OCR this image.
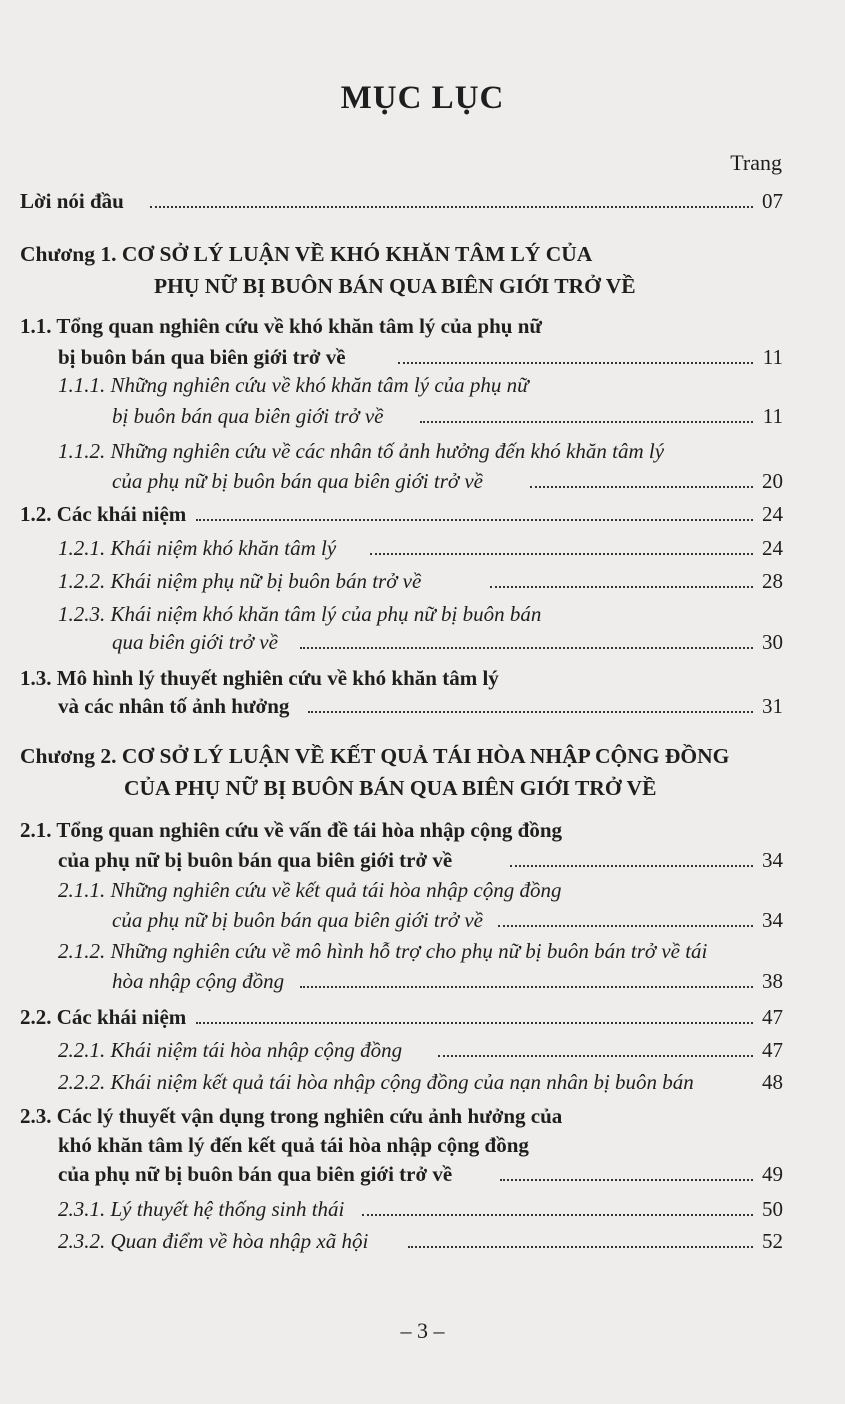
MỤC LỤC
Trang
Lời nói đầu	07
Chương 1. CƠ SỞ LÝ LUẬN VỀ KHÓ KHĂN TÂM LÝ CỦA
PHỤ NỮ BỊ BUÔN BÁN QUA BIÊN GIỚI TRỞ VỀ
1.1. Tổng quan nghiên cứu về khó khăn tâm lý của phụ nữ
bị buôn bán qua biên giới trở về	11
1.1.1. Những nghiên cứu về khó khăn tâm lý của phụ nữ
bị buôn bán qua biên giới trở về	11
1.1.2. Những nghiên cứu về các nhân tố ảnh hưởng đến khó khăn tâm lý
của phụ nữ bị buôn bán qua biên giới trở về	20
1.2. Các khái niệm	24
1.2.1. Khái niệm khó khăn tâm lý	24
1.2.2. Khái niệm phụ nữ bị buôn bán trở về	28
1.2.3. Khái niệm khó khăn tâm lý của phụ nữ bị buôn bán
qua biên giới trở về	30
1.3. Mô hình lý thuyết nghiên cứu về khó khăn tâm lý
và các nhân tố ảnh hưởng	31
Chương 2. CƠ SỞ LÝ LUẬN VỀ KẾT QUẢ TÁI HÒA NHẬP CỘNG ĐỒNG
CỦA PHỤ NỮ BỊ BUÔN BÁN QUA BIÊN GIỚI TRỞ VỀ
2.1. Tổng quan nghiên cứu về vấn đề tái hòa nhập cộng đồng
của phụ nữ bị buôn bán qua biên giới trở về	34
2.1.1. Những nghiên cứu về kết quả tái hòa nhập cộng đồng
của phụ nữ bị buôn bán qua biên giới trở về	34
2.1.2. Những nghiên cứu về mô hình hỗ trợ cho phụ nữ bị buôn bán trở về tái
hòa nhập cộng đồng	38
2.2. Các khái niệm	47
2.2.1. Khái niệm tái hòa nhập cộng đồng	47
2.2.2. Khái niệm kết quả tái hòa nhập cộng đồng của nạn nhân bị buôn bán	48
2.3. Các lý thuyết vận dụng trong nghiên cứu ảnh hưởng của
khó khăn tâm lý đến kết quả tái hòa nhập cộng đồng
của phụ nữ bị buôn bán qua biên giới trở về	49
2.3.1. Lý thuyết hệ thống sinh thái	50
2.3.2. Quan điểm về hòa nhập xã hội	52
– 3 –
